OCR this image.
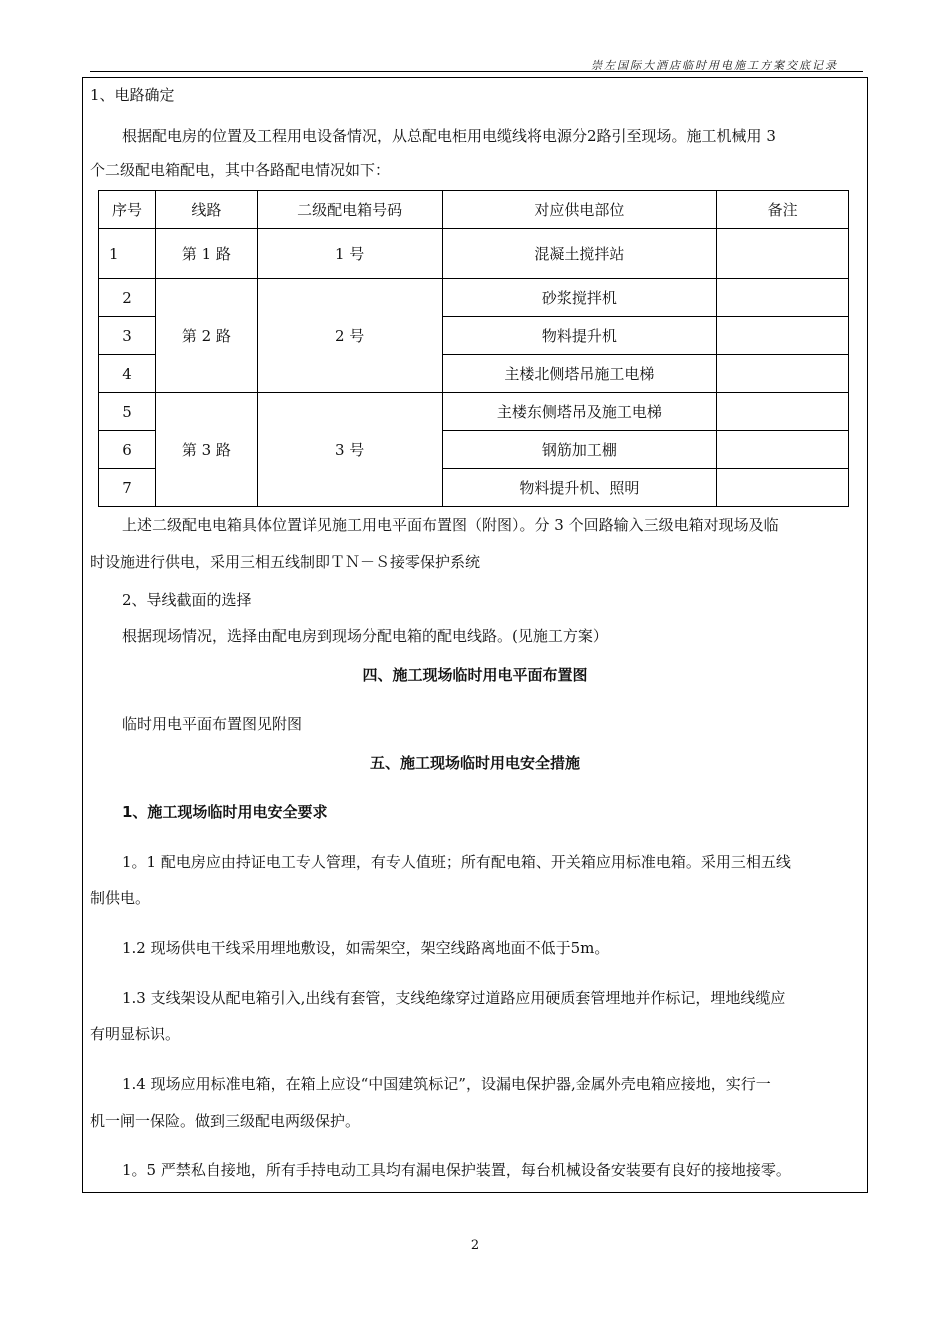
崇左国际大酒店临时用电施工方案交底记录
1、电路确定
根据配电房的位置及工程用电设备情况，从总配电柜用电缆线将电源分2路引至现场。施工机械用 3
个二级配电箱配电，其中各路配电情况如下：
序号	线路	二级配电箱号码	对应供电部位	备注
1	第 1 路	1 号	混凝土搅拌站	
2	第 2 路	2 号	砂浆搅拌机	
3			物料提升机	
4			主楼北侧塔吊施工电梯	
5	第 3 路	3 号	主楼东侧塔吊及施工电梯	
6			钢筋加工棚	
7			物料提升机、照明	
上述二级配电电箱具体位置详见施工用电平面布置图（附图）。分 3 个回路输入三级电箱对现场及临
时设施进行供电，采用三相五线制即ＴＮ－Ｓ接零保护系统
2、导线截面的选择
根据现场情况，选择由配电房到现场分配电箱的配电线路。(见施工方案）
四、施工现场临时用电平面布置图
临时用电平面布置图见附图
五、施工现场临时用电安全措施
1、施工现场临时用电安全要求
1。1 配电房应由持证电工专人管理，有专人值班；所有配电箱、开关箱应用标准电箱。采用三相五线
制供电。
1.2 现场供电干线采用埋地敷设，如需架空，架空线路离地面不低于5m。
1.3 支线架设从配电箱引入,出线有套管，支线绝缘穿过道路应用硬质套管埋地并作标记，埋地线缆应
有明显标识。
1.4 现场应用标准电箱，在箱上应设“中国建筑标记”，设漏电保护器,金属外壳电箱应接地，实行一
机一闸一保险。做到三级配电两级保护。
1。5 严禁私自接地，所有手持电动工具均有漏电保护装置，每台机械设备安装要有良好的接地接零。
2
